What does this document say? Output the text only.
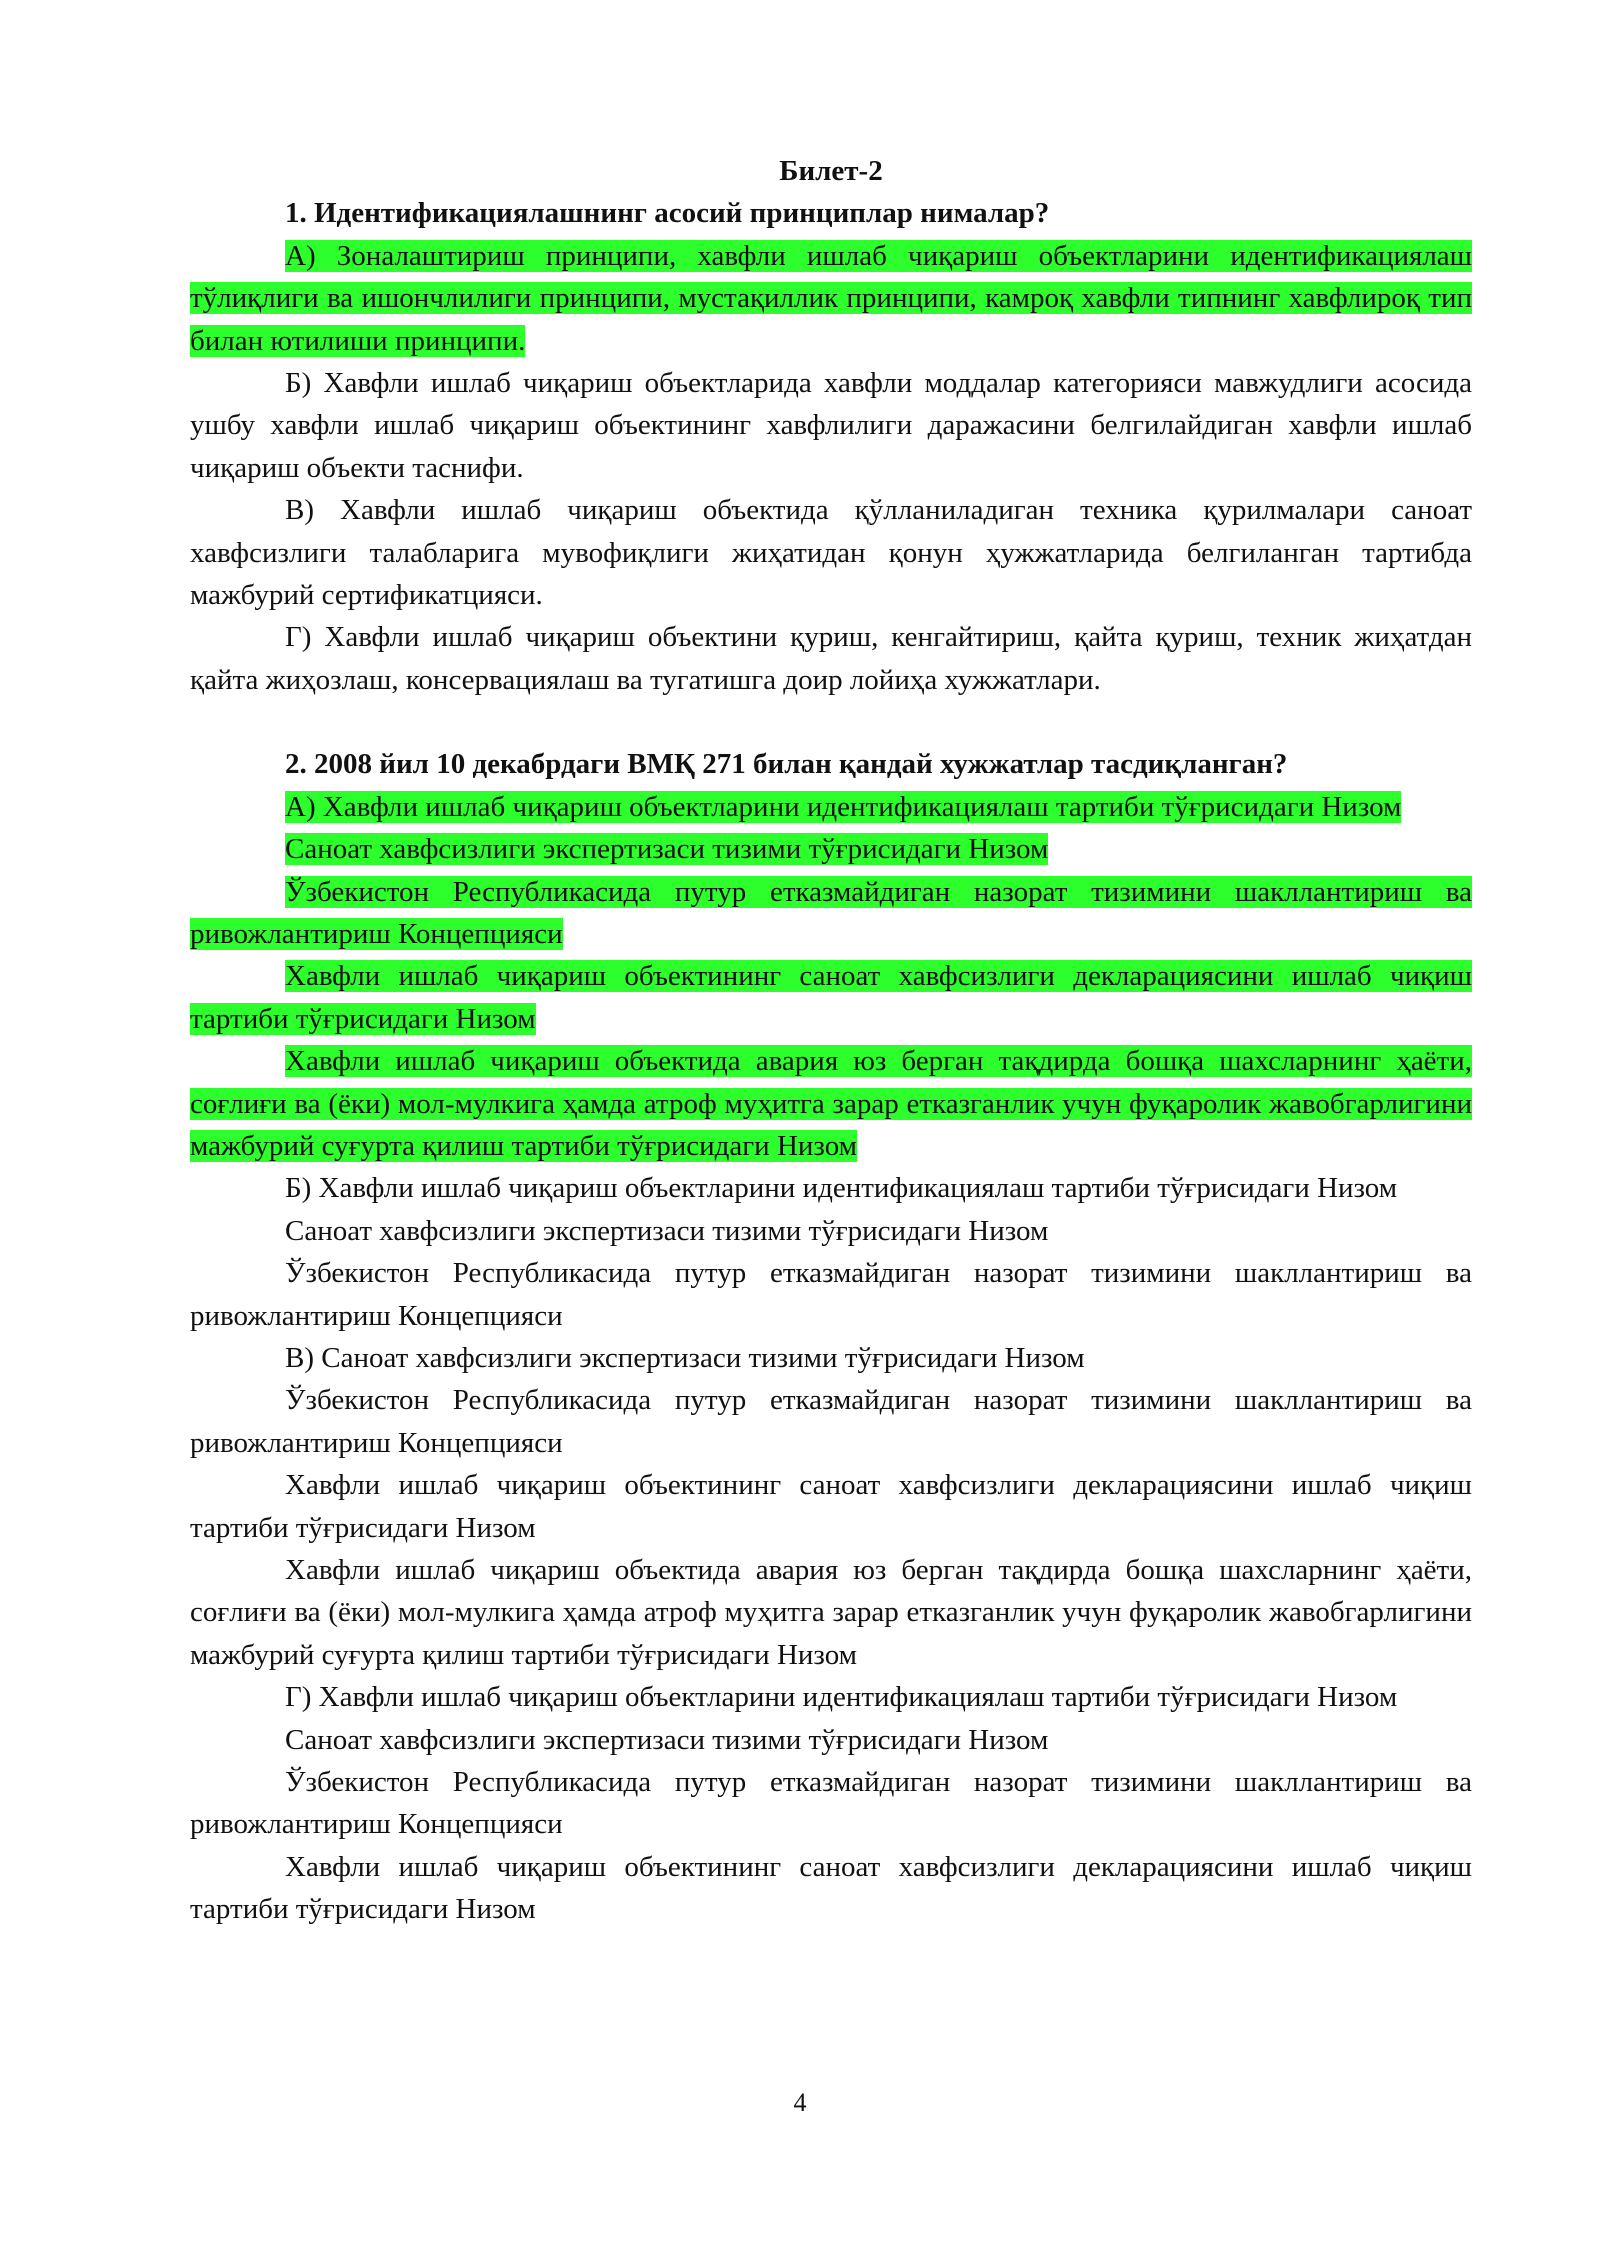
Билет-2

1. Идентификациялашнинг асосий принциплар нималар?

А) Зоналаштириш принципи, хавфли ишлаб чиқариш объектларини идентификациялаш тўлиқлиги ва ишончлилиги принципи, мустақиллик принципи, камроқ хавфли типнинг хавфлироқ тип билан ютилиши принципи.

Б) Хавфли ишлаб чиқариш объектларида хавфли моддалар категорияси мавжудлиги асосида ушбу хавфли ишлаб чиқариш объектининг хавфлилиги даражасини белгилайдиган хавфли ишлаб чиқариш объекти таснифи.

В) Хавфли ишлаб чиқариш объектида қўлланиладиган техника қурилмалари саноат хавфсизлиги талабларига мувофиқлиги жиҳатидан қонун ҳужжатларида белгиланган тартибда мажбурий сертификатцияси.

Г) Хавфли ишлаб чиқариш объектини қуриш, кенгайтириш, қайта қуриш, техник жиҳатдан қайта жиҳозлаш, консервациялаш ва тугатишга доир лойиҳа хужжатлари.

2. 2008 йил 10 декабрдаги ВМҚ 271 билан қандай хужжатлар тасдиқланган?

А) Хавфли ишлаб чиқариш объектларини идентификациялаш тартиби тўғрисидаги Низом

Саноат хавфсизлиги экспертизаси тизими тўғрисидаги Низом

Ўзбекистон Республикасида путур етказмайдиган назорат тизимини шакллантириш ва ривожлантириш Концепцияси

Хавфли ишлаб чиқариш объектининг саноат хавфсизлиги декларациясини ишлаб чиқиш тартиби тўғрисидаги Низом

Хавфли ишлаб чиқариш объектида авария юз берган тақдирда бошқа шахсларнинг ҳаёти, соғлиғи ва (ёки) мол-мулкига ҳамда атроф муҳитга зарар етказганлик учун фуқаролик жавобгарлигини мажбурий суғурта қилиш тартиби тўғрисидаги Низом

Б) Хавфли ишлаб чиқариш объектларини идентификациялаш тартиби тўғрисидаги Низом

Саноат хавфсизлиги экспертизаси тизими тўғрисидаги Низом

Ўзбекистон Республикасида путур етказмайдиган назорат тизимини шакллантириш ва ривожлантириш Концепцияси

В) Саноат хавфсизлиги экспертизаси тизими тўғрисидаги Низом

Ўзбекистон Республикасида путур етказмайдиган назорат тизимини шакллантириш ва ривожлантириш Концепцияси

Хавфли ишлаб чиқариш объектининг саноат хавфсизлиги декларациясини ишлаб чиқиш тартиби тўғрисидаги Низом

Хавфли ишлаб чиқариш объектида авария юз берган тақдирда бошқа шахсларнинг ҳаёти, соғлиғи ва (ёки) мол-мулкига ҳамда атроф муҳитга зарар етказганлик учун фуқаролик жавобгарлигини мажбурий суғурта қилиш тартиби тўғрисидаги Низом

Г) Хавфли ишлаб чиқариш объектларини идентификациялаш тартиби тўғрисидаги Низом

Саноат хавфсизлиги экспертизаси тизими тўғрисидаги Низом

Ўзбекистон Республикасида путур етказмайдиган назорат тизимини шакллантириш ва ривожлантириш Концепцияси

Хавфли ишлаб чиқариш объектининг саноат хавфсизлиги декларациясини ишлаб чиқиш тартиби тўғрисидаги Низом

4
